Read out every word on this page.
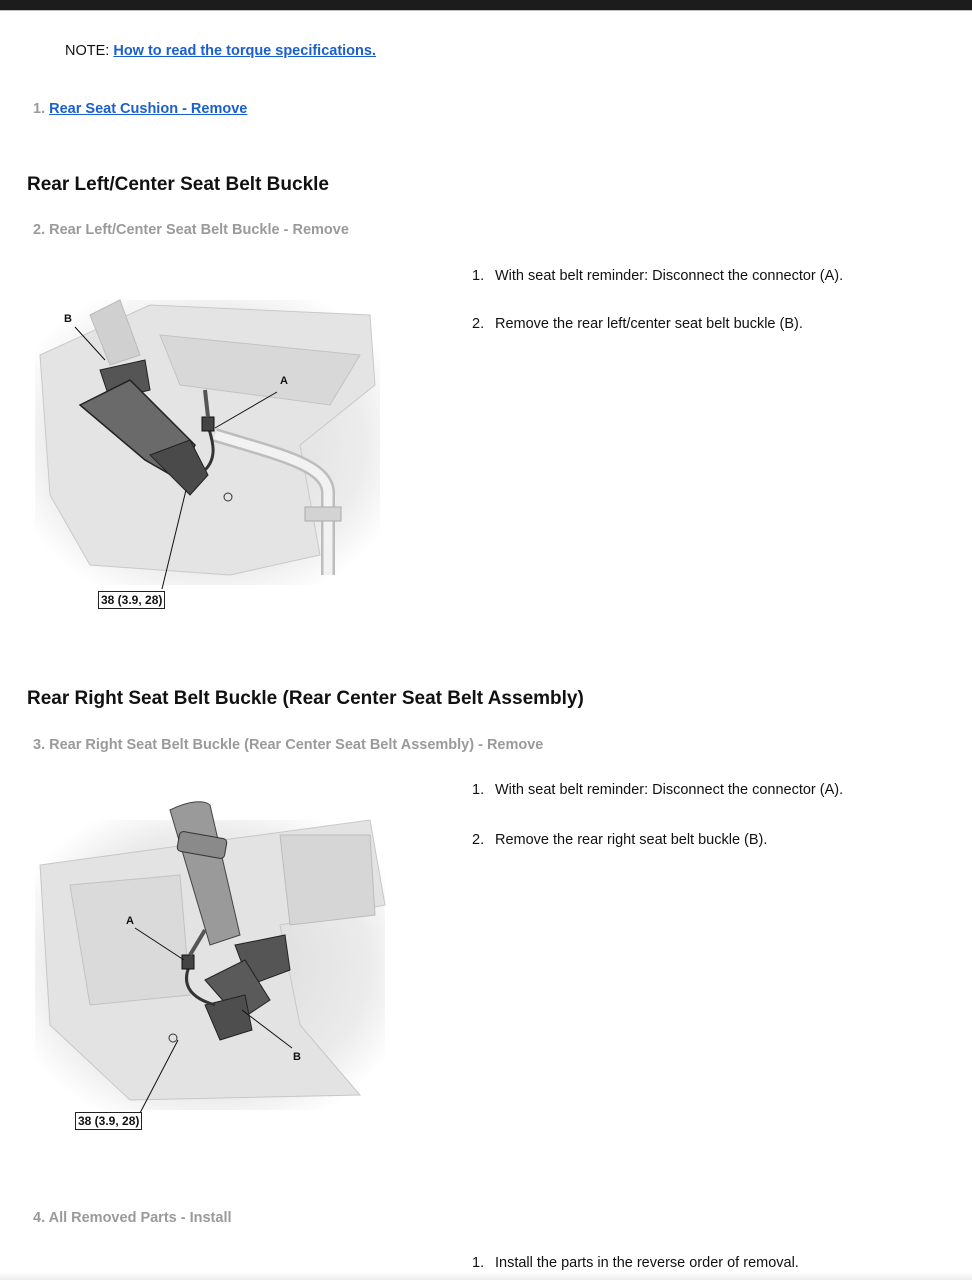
NOTE: How to read the torque specifications.
1. Rear Seat Cushion - Remove
Rear Left/Center Seat Belt Buckle
2. Rear Left/Center Seat Belt Buckle - Remove
B
A
38 (3.9, 28)
1. With seat belt reminder: Disconnect the connector (A).
2. Remove the rear left/center seat belt buckle (B).
Rear Right Seat Belt Buckle (Rear Center Seat Belt Assembly)
3. Rear Right Seat Belt Buckle (Rear Center Seat Belt Assembly) - Remove
A
B
38 (3.9, 28)
1. With seat belt reminder: Disconnect the connector (A).
2. Remove the rear right seat belt buckle (B).
4. All Removed Parts - Install
1. Install the parts in the reverse order of removal.
